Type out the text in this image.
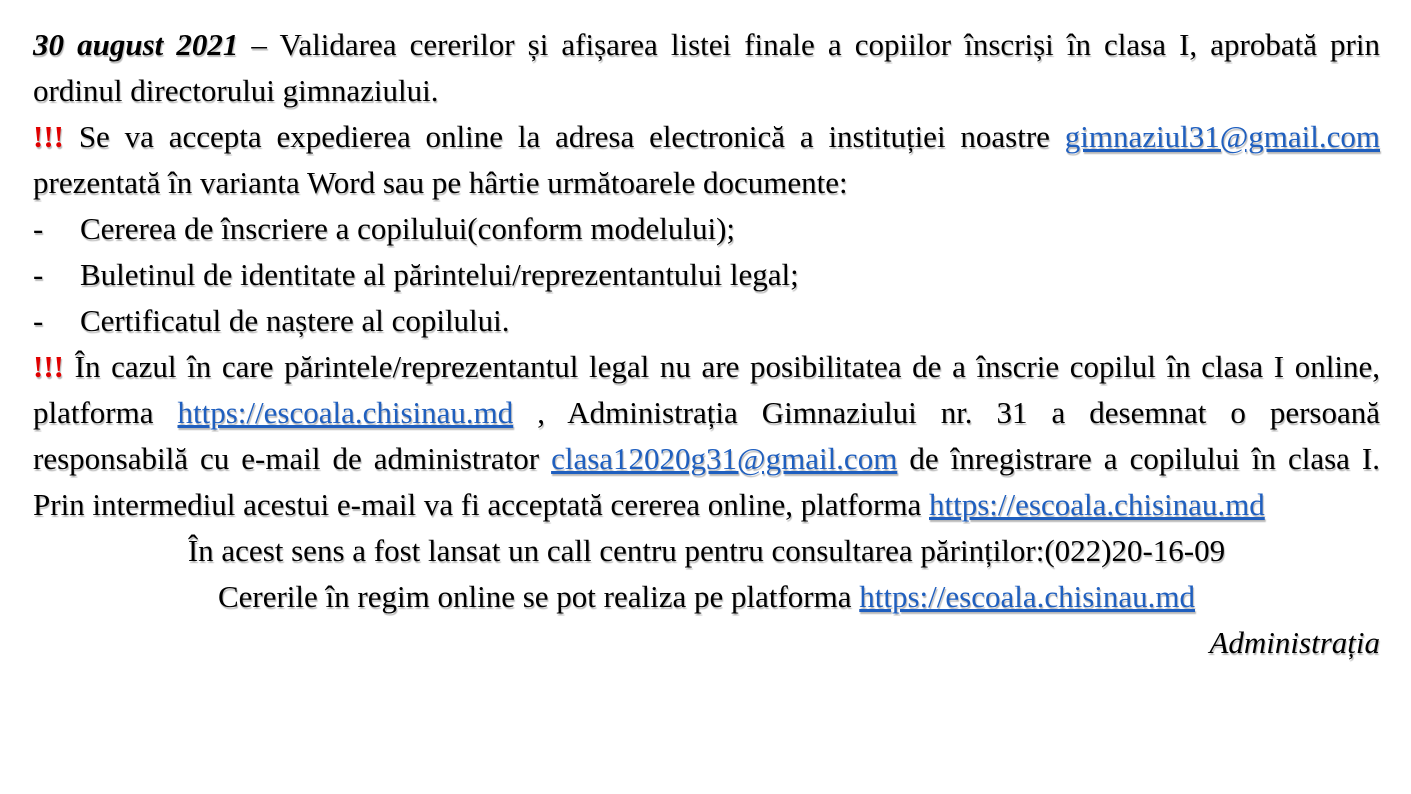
30 august 2021 – Validarea cererilor și afișarea listei finale a copiilor înscriși în clasa I, aprobată prin ordinul directorului gimnaziului.

!!! Se va accepta expedierea online la adresa electronică a instituției noastre gimnaziul31@gmail.com prezentată în varianta Word sau pe hârtie următoarele documente:

- Cererea de înscriere a copilului(conform modelului);
- Buletinul de identitate al părintelui/reprezentantului legal;
- Certificatul de naștere al copilului.

!!! În cazul în care părintele/reprezentantul legal nu are posibilitatea de a înscrie copilul în clasa I online, platforma https://escoala.chisinau.md , Administrația Gimnaziului nr. 31 a desemnat o persoană responsabilă cu e-mail de administrator clasa12020g31@gmail.com de înregistrare a copilului în clasa I. Prin intermediul acestui e-mail va fi acceptată cererea online, platforma https://escoala.chisinau.md

În acest sens a fost lansat un call centru pentru consultarea părinților:(022)20-16-09

Cererile în regim online se pot realiza pe platforma https://escoala.chisinau.md

Administrația
